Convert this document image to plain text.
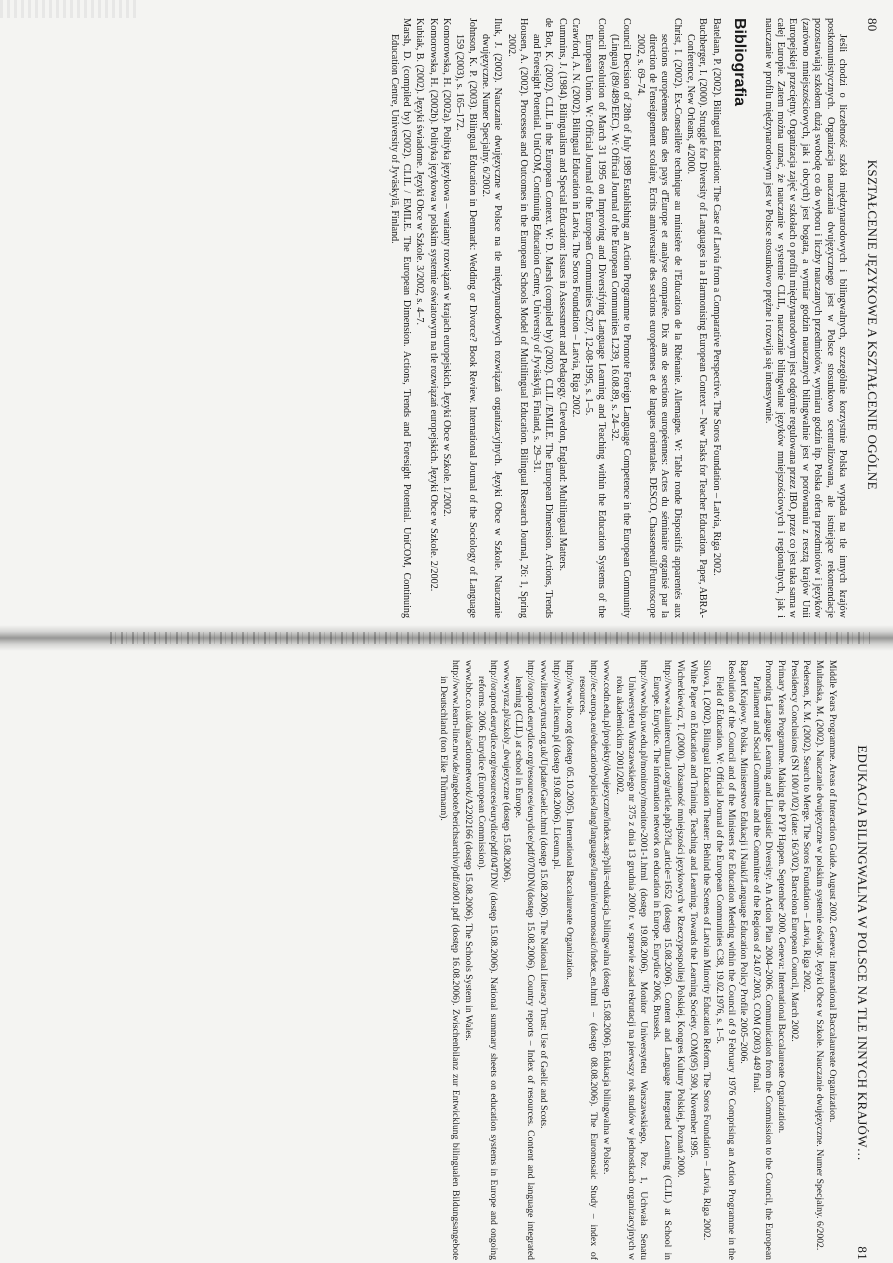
80
KSZTAŁCENIE JĘZYKOWE A KSZTAŁCENIE OGÓLNE

Jeśli chodzi o liczebność szkół międzynarodowych i bilingwalnych, szczególnie korzystnie Polska wypada na tle innych krajów postkomunistycznych. Organizacja nauczania dwujęzycznego jest w Polsce stosunkowo scentralizowana, ale istniejące rekomendacje pozostawiają szkołom dużą swobodę co do wyboru i liczby nauczanych przedmiotów, wymiaru godzin itp. Polska oferta przedmiotów i języków (zarówno mniejszościowych, jak i obcych) jest bogata, a wymiar godzin nauczanych bilingwalnie jest w porównaniu z resztą krajów Unii Europejskiej przeciętny. Organizacja zajęć w szkołach o profilu międzynarodowym jest odgórnie regulowana przez IBO, przez co jest taka sama w całej Europie. Zatem można uznać, że nauczanie w systemie CLIL, nauczanie bilingwalne języków mniejszościowych i regionalnych, jak i nauczanie w profilu międzynarodowym jest w Polsce stosunkowo prężne i rozwija się intensywnie.

Bibliografia
Batelaan, P. (2002). Bilingual Education: The Case of Latvia from a Comparative Perspective. The Soros Foundation – Latvia, Riga 2002.
Buchberger, I. (2000). Struggle for Diversity of Languages in a Harmonising European Context – New Tasks for Teacher Education. Paper, ABRA-Conference, New Orleans, 4/2000.
Christ, I. (2002). Ex-Conseillère technique au ministère de l'Education de la Rhénanie. Allemagne. W: Table ronde Dispositifs apparentés aux sections européennes dans des pays d'Europe et analyse comparée. Dix ans de sections européennes: Actes du séminaire organisé par la direction de l'enseignement scolaire, Ecrits anniversaire des sections européennes et de langues orientales. DESCO, Chasseneuil/Futuroscope 2002, s. 69–74.
Council Decision of 28th of July 1989 Establishing an Action Programme to Promote Foreign Language Competence in the European Community (Lingua) (89/489/EEC). W: Official Journal of the European Communities L239, 16.08.89, s. 24–32.
Council Resolution of March 31 1995 on Improving and Diversifying Language Learning and Teaching within the Education Systems of the European Union. W: Official Journal of the European Communities C207, 12-08-1995, s. 1–5.
Crawford, A. N. (2002). Bilingual Education in Latvia. The Soros Foundation – Latvia, Riga 2002.
Cummins, J. (1984). Bilingualism and Special Education: Issues in Assessment and Pedagogy. Clevedon, England: Multilingual Matters.
de Bot, K. (2002). CLIL in the European Context. W: D. Marsh (compiled by) (2002). CLIL /EMILE. The European Dimension. Actions, Trends and Foresight Potential. UniCOM, Continuing Education Centre, University of Jyväskylä, Finland, s. 29–31.
Housen, A. (2002). Processes and Outcomes in the European Schools Model of Multilingual Education. Bilingual Research Journal, 26: 1, Spring 2002.
Iluk, J. (2002). Nauczanie dwujęzyczne w Polsce na tle międzynarodowych rozwiązań organizacyjnych. Języki Obce w Szkole. Nauczanie dwujęzyczne. Numer Specjalny. 6/2002.
Johnson, K. P. (2003). Bilingual Education in Denmark: Wedding or Divorce? Book Review. International Journal of the Sociology of Language 159 (2003), s. 165–172.
Komorowska, H. (2002a). Polityka językowa – warianty rozwiązań w krajach europejskich. Języki Obce w Szkole. 1/2002.
Komorowska, H. (2002b). Polityka językowa w polskim systemie oświatowym na tle rozwiązań europejskich. Języki Obce w Szkole. 2/2002.
Kubiak, B. (2002). Języki świadome. Języki Obce w Szkole. 3/2002, s. 4–7.
Marsh, D. (compiled by) (2002). CLIL / EMILE. The European Dimension. Actions, Trends and Foresight Potential. UniCOM, Continuing Education Centre, University of Jyväskylä, Finland.
EDUKACJA BILINGWALNA W POLSCE NA TLE INNYCH KRAJÓW…
81
Middle Years Programme. Areas of Interaction Guide. August 2002. Geneva: International Baccalaureate Organization.
Multańska, M. (2002). Nauczanie dwujęzyczne w polskim systemie oświaty. Języki Obce w Szkole. Nauczanie dwujęzyczne. Numer Specjalny. 6/2002.
Pedersen, K. M. (2002). Search to Merge. The Soros Foundation – Latvia, Riga 2002.
Presidency Conclusions (SN 100/1/02) (date: 16/3/02). Barcelona European Council, March 2002.
Primary Years Programme. Making the PYP Happen. September 2000. Geneva: International Baccalaureate Organization.
Promoting Language Learning and Linguistic Diversity: An Action Plan 2004–2006. Communication from the Commission to the Council, the European Parliament and Social Committee and the Committee of the Regions of 24.07.2003, COM (2003) 449 final.
Raport Krajowy. Polska. Ministerstwo Edukacji i Nauki/Language Education Policy Profile 2005–2006.
Resolution of the Council and of the Ministers for Education Meeting within the Council of 9 February 1976 Comprising an Action Programme in the Field of Education. W: Official Journal of the European Communities C38, 19.02.1976, s. 1–5.
Silova, I. (2002). Bilingual Education Theater: Behind the Scenes of Latvian Minority Education Reform. The Soros Foundation – Latvia, Riga 2002.
White Paper on Education and Training. Teaching and Learning. Towards the Learning Society. COM(95) 590, November 1995.
Wicherkiewicz, T. (2000). Tożsamość mniejszości językowych w Rzeczypospolitej Polskiej. Kongres Kultury Polskiej, Poznań 2000.
http://www.aulaintercultural.org/article.php3?id_article=1652 (dostęp 15.08.2006). Content and Language Integrated Learning (CLIL) at School in Europe. Eurydice. The information network on education in Europe. Eurydice 2006, Brussels.
http://www.bip.uw.edu.pl/monitory/monitor-2001-1.html (dostęp 19.08.2006). Monitor Uniwersytetu Warszawskiego, Poz. 1, Uchwała Senatu Uniwersytetu Warszawskiego nr 375 z dnia 13 grudnia 2000 r. w sprawie zasad rekrutacji na pierwszy rok studiów w jednostkach organizacyjnych w roku akademickim 2001/2002.
www.codn.edu.pl/projekty/dwujezyczne/index.asp?plik=edukacja_bilingwalna (dostęp 15.08.2006). Edukacja bilingwalna w Polsce.
http://ec.europa.eu/education/policies/lang/languages/langmin/euromosaic/index_en.html – (dostęp 08.08.2006). The Euromosaic Study – index of resources.
http://www.ibo.org (dostęp 05.10.2005). International Baccalaureate Organization.
http://www.liceum.pl (dostęp 19.08.2006). Liceum.pl.
www.literacytrust.org.uk/Update/Gaelic.html (dostęp 15.08.2006). The National Literacy Trust: Use of Gaelic and Scots.
http://oraprod.eurydice.org/resources/eurydice/pdf/070DN/(dostęp 15.08.2006). Country reports – Index of resources. Content and language integrated learning (CLIL) at school in Europe.
www.wyraz.pl/szkoly_dwujezyczne (dostęp 15.08.2006).
http://oraprod.eurydice.org/resources/eurydice/pdf/047DN/ (dostęp 15.08.2006). National summary sheets on education systems in Europe and ongoing reforms. 2006. Eurydice (European Commission).
www.bbc.co.uk/dna/actionnetwork/A2202166 (dostęp 15.08.2006). The Schools System in Wales.
http://www.learn-line.nrw.de/angebote/berichsarchiv/pdf/az001.pdf (dostęp 16.08.2006). Zwischenbilanz zur Entwicklung bilingualen Bildungsangebote in Deutschland (ton Eike Thürmann).
